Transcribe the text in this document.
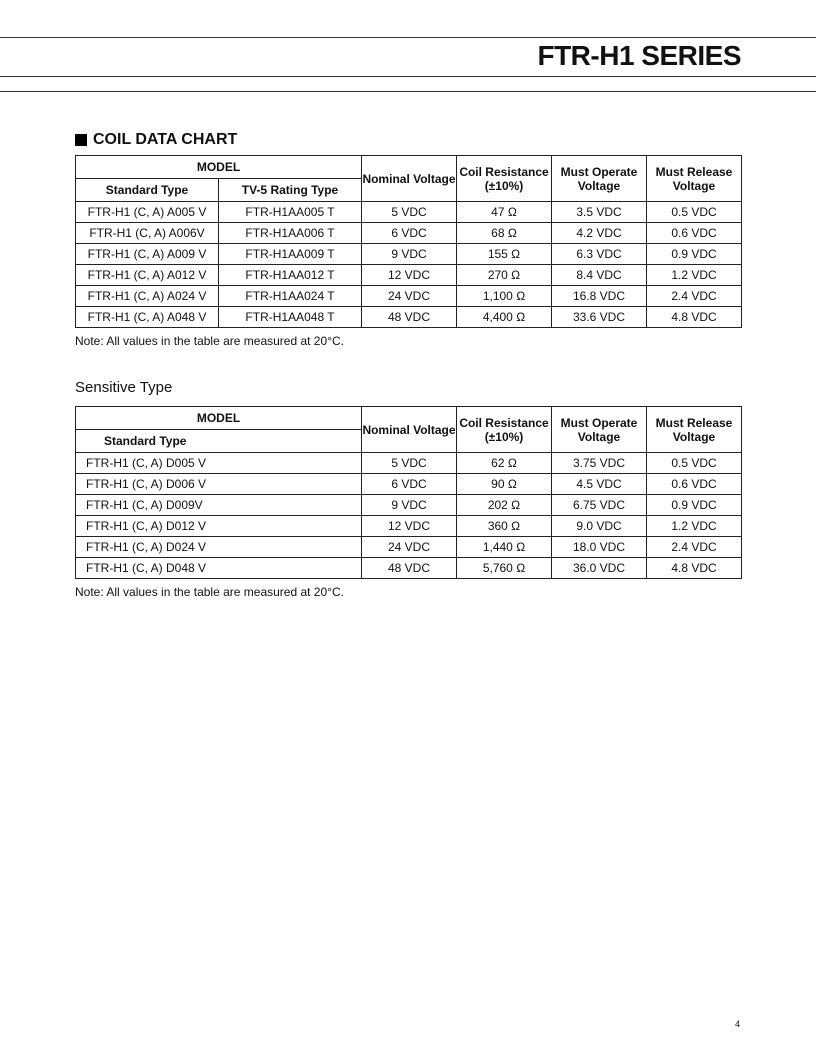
FTR-H1 SERIES
COIL DATA CHART
MODEL		Nominal Voltage	Coil Resistance (±10%)	Must Operate Voltage	Must Release Voltage
Standard Type	TV-5 Rating Type				
FTR-H1 (C, A) A005 V	FTR-H1AA005 T	5 VDC	47 Ω	3.5 VDC	0.5 VDC
FTR-H1 (C, A) A006V	FTR-H1AA006 T	6 VDC	68 Ω	4.2 VDC	0.6 VDC
FTR-H1 (C, A) A009 V	FTR-H1AA009 T	9 VDC	155 Ω	6.3 VDC	0.9 VDC
FTR-H1 (C, A) A012 V	FTR-H1AA012 T	12 VDC	270 Ω	8.4 VDC	1.2 VDC
FTR-H1 (C, A) A024 V	FTR-H1AA024 T	24 VDC	1,100 Ω	16.8 VDC	2.4 VDC
FTR-H1 (C, A) A048 V	FTR-H1AA048 T	48 VDC	4,400 Ω	33.6 VDC	4.8 VDC
Note: All values in the table are measured at 20°C.
Sensitive Type
MODEL	Nominal Voltage	Coil Resistance (±10%)	Must Operate Voltage	Must Release Voltage
Standard Type				
FTR-H1 (C, A) D005 V	5 VDC	62 Ω	3.75 VDC	0.5 VDC
FTR-H1 (C, A) D006 V	6 VDC	90 Ω	4.5 VDC	0.6 VDC
FTR-H1 (C, A) D009V	9 VDC	202 Ω	6.75 VDC	0.9 VDC
FTR-H1 (C, A) D012 V	12 VDC	360 Ω	9.0 VDC	1.2 VDC
FTR-H1 (C, A) D024 V	24 VDC	1,440 Ω	18.0 VDC	2.4 VDC
FTR-H1 (C, A) D048 V	48 VDC	5,760 Ω	36.0 VDC	4.8 VDC
Note: All values in the table are measured at 20°C.
4
